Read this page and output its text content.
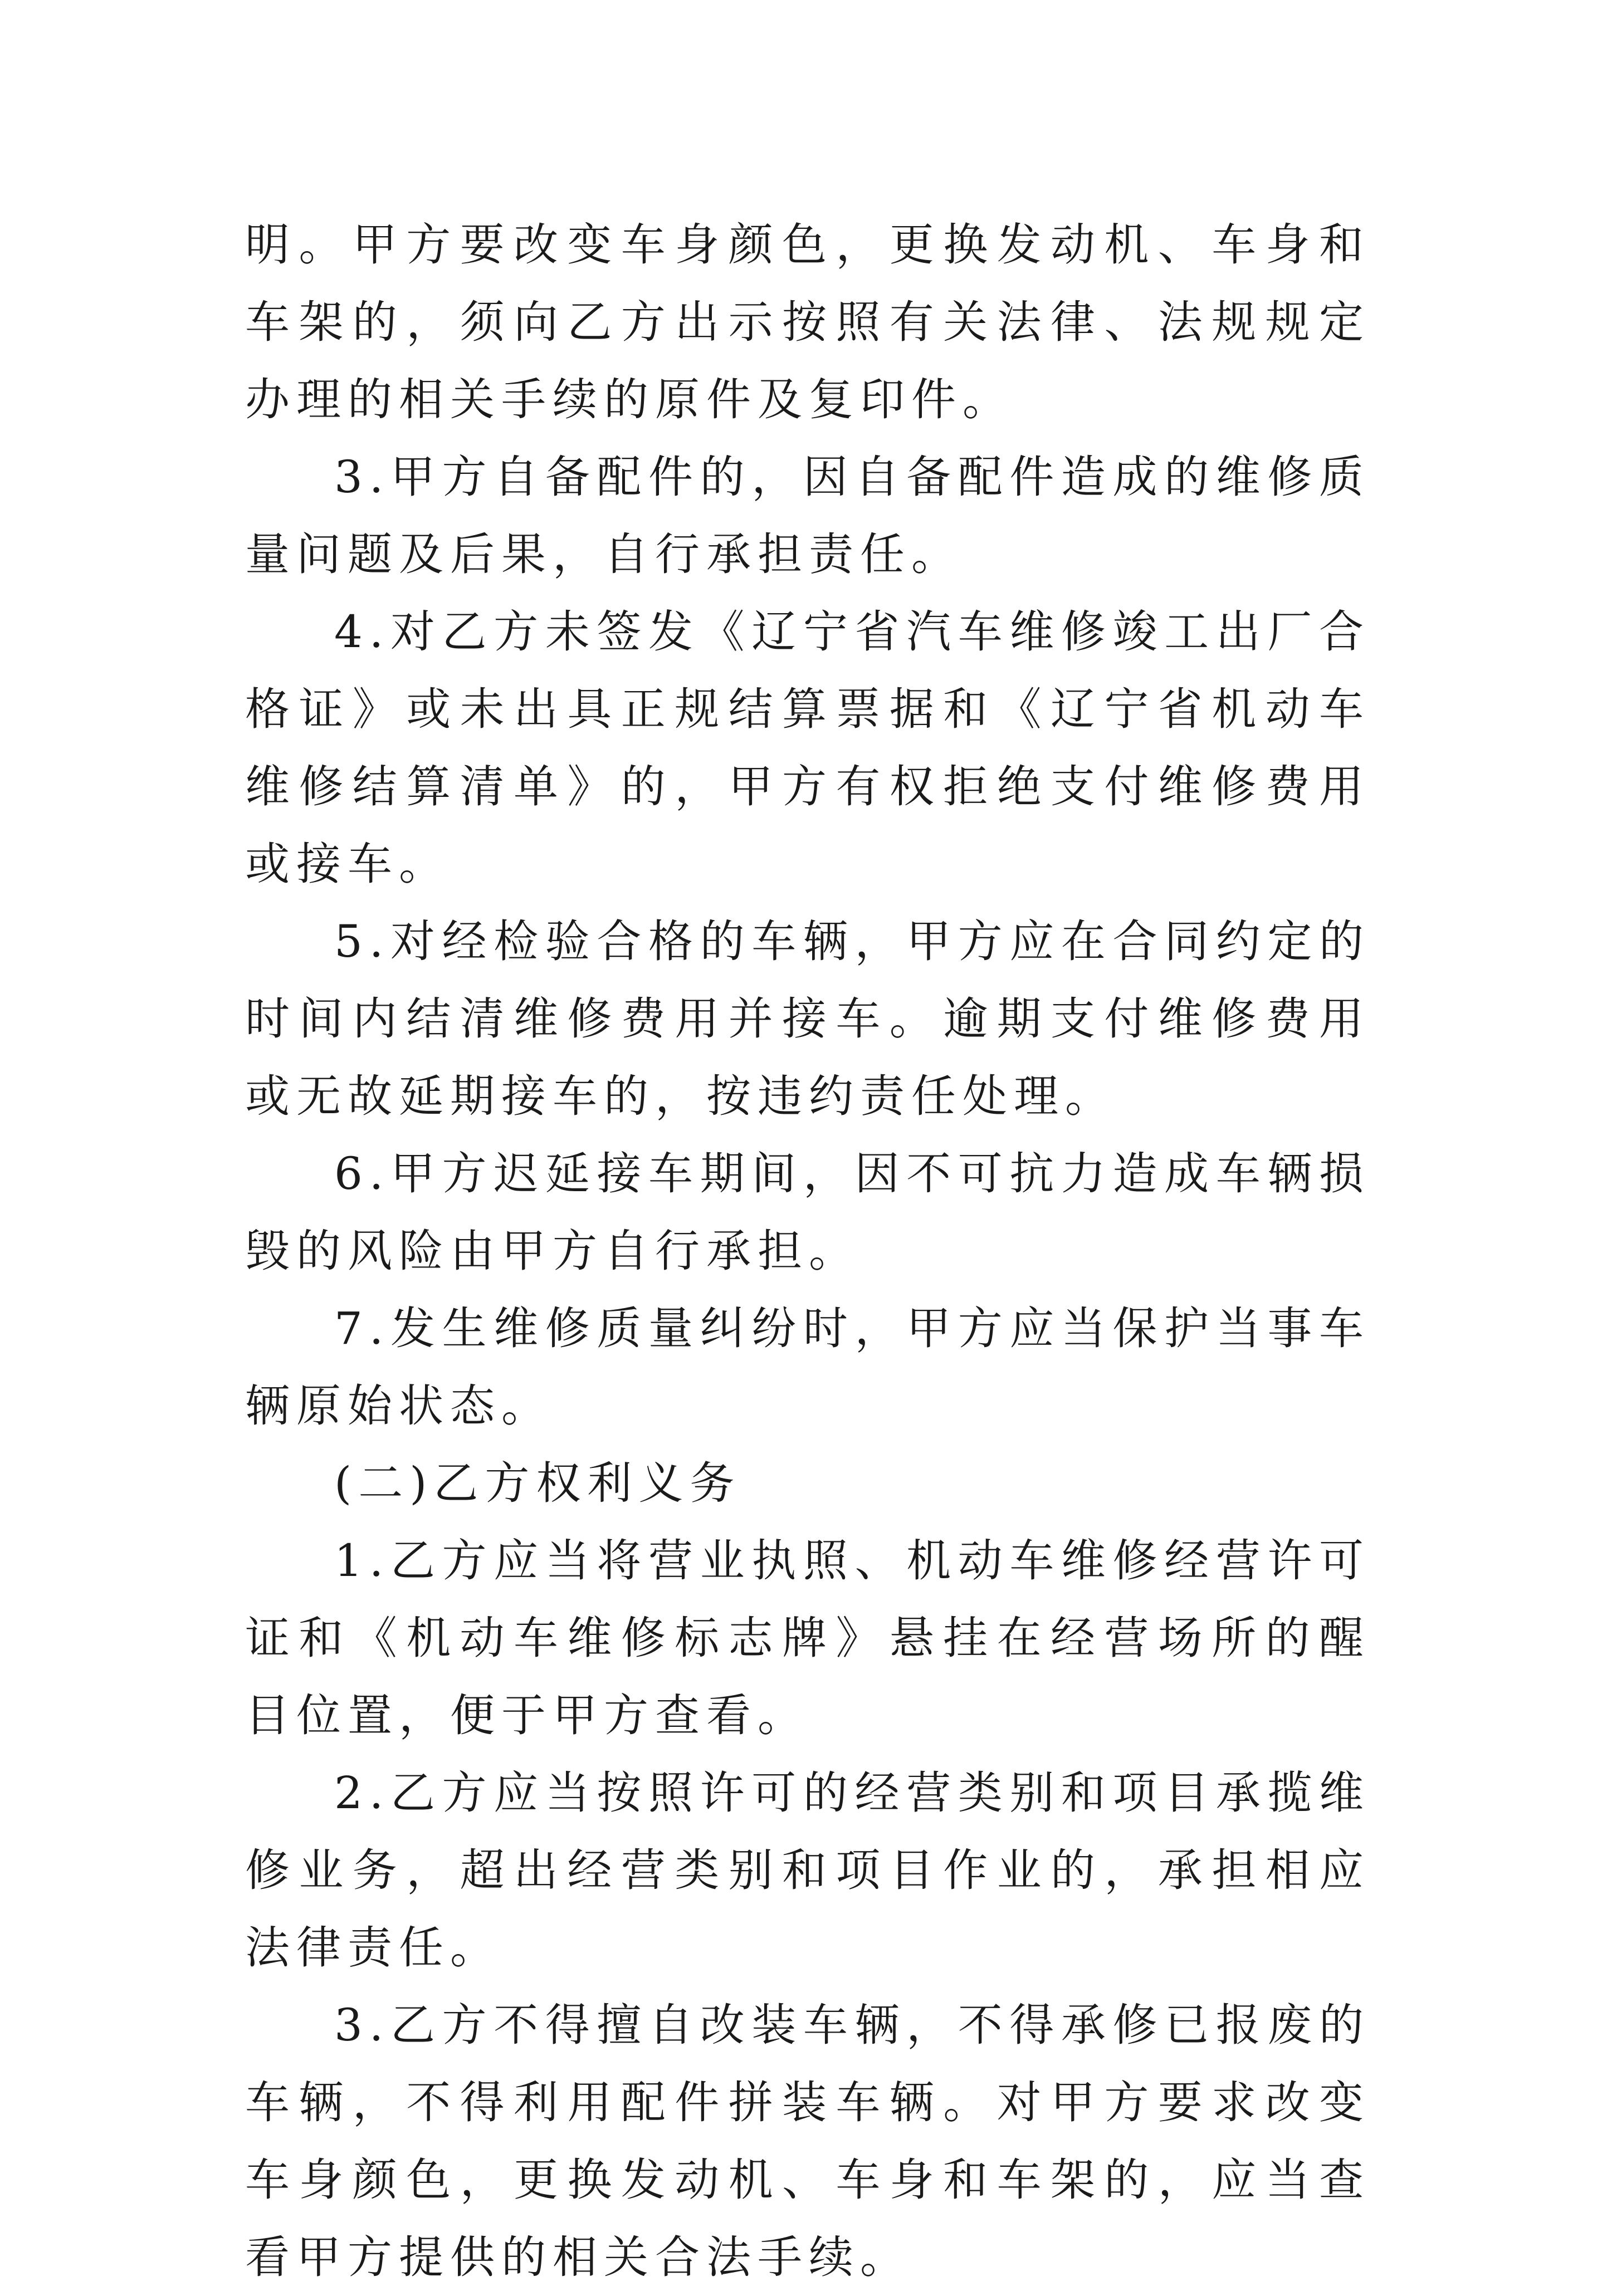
明。甲方要改变车身颜色，更换发动机、车身和车架的，须向乙方出示按照有关法律、法规规定办理的相关手续的原件及复印件。

3.甲方自备配件的，因自备配件造成的维修质量问题及后果，自行承担责任。

4.对乙方未签发《辽宁省汽车维修竣工出厂合格证》或未出具正规结算票据和《辽宁省机动车维修结算清单》的，甲方有权拒绝支付维修费用或接车。

5.对经检验合格的车辆，甲方应在合同约定的时间内结清维修费用并接车。逾期支付维修费用或无故延期接车的，按违约责任处理。

6.甲方迟延接车期间，因不可抗力造成车辆损毁的风险由甲方自行承担。

7.发生维修质量纠纷时，甲方应当保护当事车辆原始状态。

(二)乙方权利义务

1.乙方应当将营业执照、机动车维修经营许可证和《机动车维修标志牌》悬挂在经营场所的醒目位置，便于甲方查看。

2.乙方应当按照许可的经营类别和项目承揽维修业务，超出经营类别和项目作业的，承担相应法律责任。

3.乙方不得擅自改装车辆，不得承修已报废的车辆，不得利用配件拼装车辆。对甲方要求改变车身颜色，更换发动机、车身和车架的，应当查看甲方提供的相关合法手续。
